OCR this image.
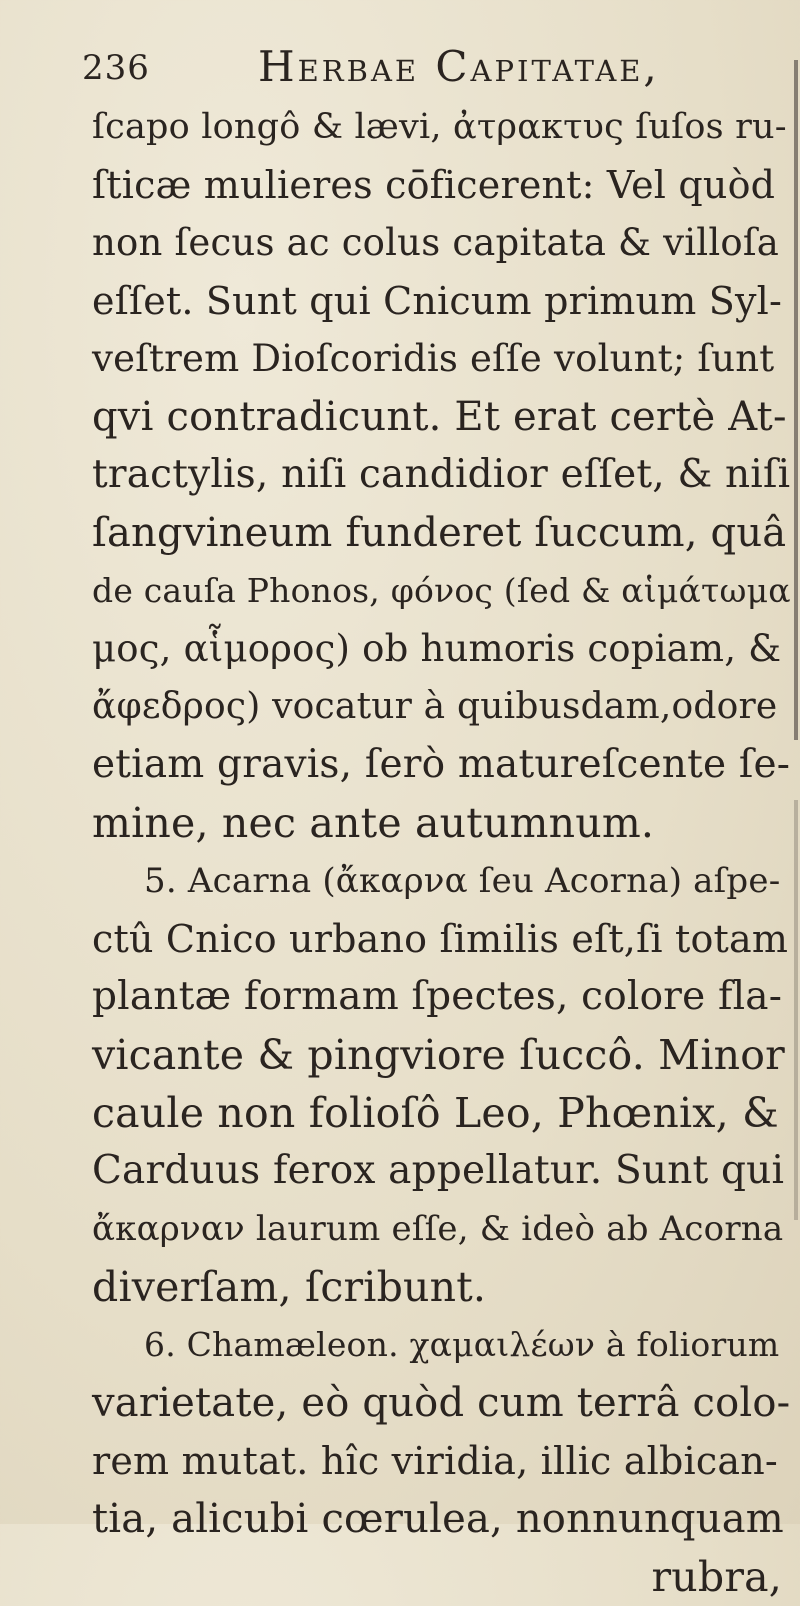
236	Herbae Capitatae,
ſcapo longô & lævi, ἀτρακτυς ſuſos ru-
ſticæ mulieres cōficerent: Vel quòd
non ſecus ac colus capitata & villoſa
eſſet. Sunt qui Cnicum primum Syl-
veſtrem Dioſcoridis eſſe volunt; ſunt
qvi contradicunt. Et erat certè At-
tractylis, niſi candidior eſſet, & niſi
ſangvineum funderet ſuccum, quâ
de cauſa Phonos, φόνος (ſed & αἱμάτωμα
μος, αἷμορος) ob humoris copiam, &
ἄφεδρος) vocatur à quibusdam,odore
etiam gravis, ſerò matureſcente ſe-
mine, nec ante autumnum.
5. Acarna (ἄκαρνα ſeu Acorna) aſpe-
ctû Cnico urbano ſimilis eſt,ſi totam
plantæ formam ſpectes, colore fla-
vicante & pingviore ſuccô. Minor
caule non folioſô Leo, Phœnix, &
Carduus ferox appellatur. Sunt qui
ἄκαρναν laurum eſſe, & ideò ab Acorna
diverſam, ſcribunt.
6. Chamæleon. χαμαιλέων à foliorum
varietate, eò quòd cum terrâ colo-
rem mutat. hîc viridia, illic albican-
tia, alicubi cœrulea, nonnunquam
rubra,
